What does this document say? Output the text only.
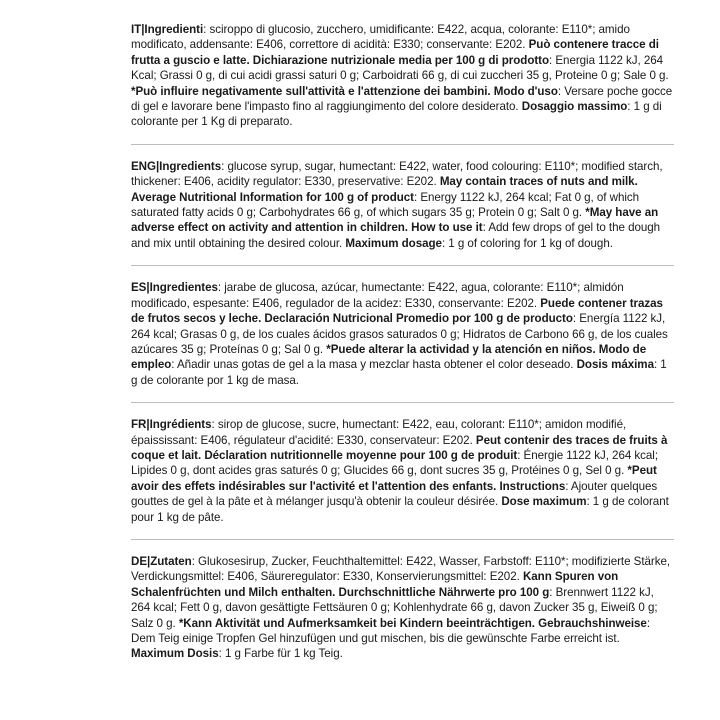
IT|Ingredienti: sciroppo di glucosio, zucchero, umidificante: E422, acqua, colorante: E110*; amido modificato, addensante: E406, correttore di acidità: E330; conservante: E202. Può contenere tracce di frutta a guscio e latte. Dichiarazione nutrizionale media per 100 g di prodotto: Energia 1122 kJ, 264 Kcal; Grassi 0 g, di cui acidi grassi saturi 0 g; Carboidrati 66 g, di cui zuccheri 35 g, Proteine 0 g; Sale 0 g. *Può influire negativamente sull'attività e l'attenzione dei bambini. Modo d'uso: Versare poche gocce di gel e lavorare bene l'impasto fino al raggiungimento del colore desiderato. Dosaggio massimo: 1 g di colorante per 1 Kg di preparato.
ENG|Ingredients: glucose syrup, sugar, humectant: E422, water, food colouring: E110*; modified starch, thickener: E406, acidity regulator: E330, preservative: E202. May contain traces of nuts and milk. Average Nutritional Information for 100 g of product: Energy 1122 kJ, 264 kcal; Fat 0 g, of which saturated fatty acids 0 g; Carbohydrates 66 g, of which sugars 35 g; Protein 0 g; Salt 0 g. *May have an adverse effect on activity and attention in children. How to use it: Add few drops of gel to the dough and mix until obtaining the desired colour. Maximum dosage: 1 g of coloring for 1 kg of dough.
ES|Ingredientes: jarabe de glucosa, azúcar, humectante: E422, agua, colorante: E110*; almidón modificado, espesante: E406, regulador de la acidez: E330, conservante: E202. Puede contener trazas de frutos secos y leche. Declaración Nutricional Promedio por 100 g de producto: Energía 1122 kJ, 264 kcal; Grasas 0 g, de los cuales ácidos grasos saturados 0 g; Hidratos de Carbono 66 g, de los cuales azúcares 35 g; Proteínas 0 g; Sal 0 g. *Puede alterar la actividad y la atención en niños. Modo de empleo: Añadir unas gotas de gel a la masa y mezclar hasta obtener el color deseado. Dosis máxima: 1 g de colorante por 1 kg de masa.
FR|Ingrédients: sirop de glucose, sucre, humectant: E422, eau, colorant: E110*; amidon modifié, épaississant: E406, régulateur d'acidité: E330, conservateur: E202. Peut contenir des traces de fruits à coque et lait. Déclaration nutritionnelle moyenne pour 100 g de produit: Énergie 1122 kJ, 264 kcal; Lipides 0 g, dont acides gras saturés 0 g; Glucides 66 g, dont sucres 35 g, Protéines 0 g, Sel 0 g. *Peut avoir des effets indésirables sur l'activité et l'attention des enfants. Instructions: Ajouter quelques gouttes de gel à la pâte et à mélanger jusqu'à obtenir la couleur désirée. Dose maximum: 1 g de colorant pour 1 kg de pâte.
DE|Zutaten: Glukosesirup, Zucker, Feuchthaltemittel: E422, Wasser, Farbstoff: E110*; modifizierte Stärke, Verdickungsmittel: E406, Säureregulator: E330, Konservierungsmittel: E202. Kann Spuren von Schalenfrüchten und Milch enthalten. Durchschnittliche Nährwerte pro 100 g: Brennwert 1122 kJ, 264 kcal; Fett 0 g, davon gesättigte Fettsäuren 0 g; Kohlenhydrate 66 g, davon Zucker 35 g, Eiweiß 0 g; Salz 0 g. *Kann Aktivität und Aufmerksamkeit bei Kindern beeinträchtigen. Gebrauchshinweise: Dem Teig einige Tropfen Gel hinzufügen und gut mischen, bis die gewünschte Farbe erreicht ist. Maximum Dosis: 1 g Farbe für 1 kg Teig.
